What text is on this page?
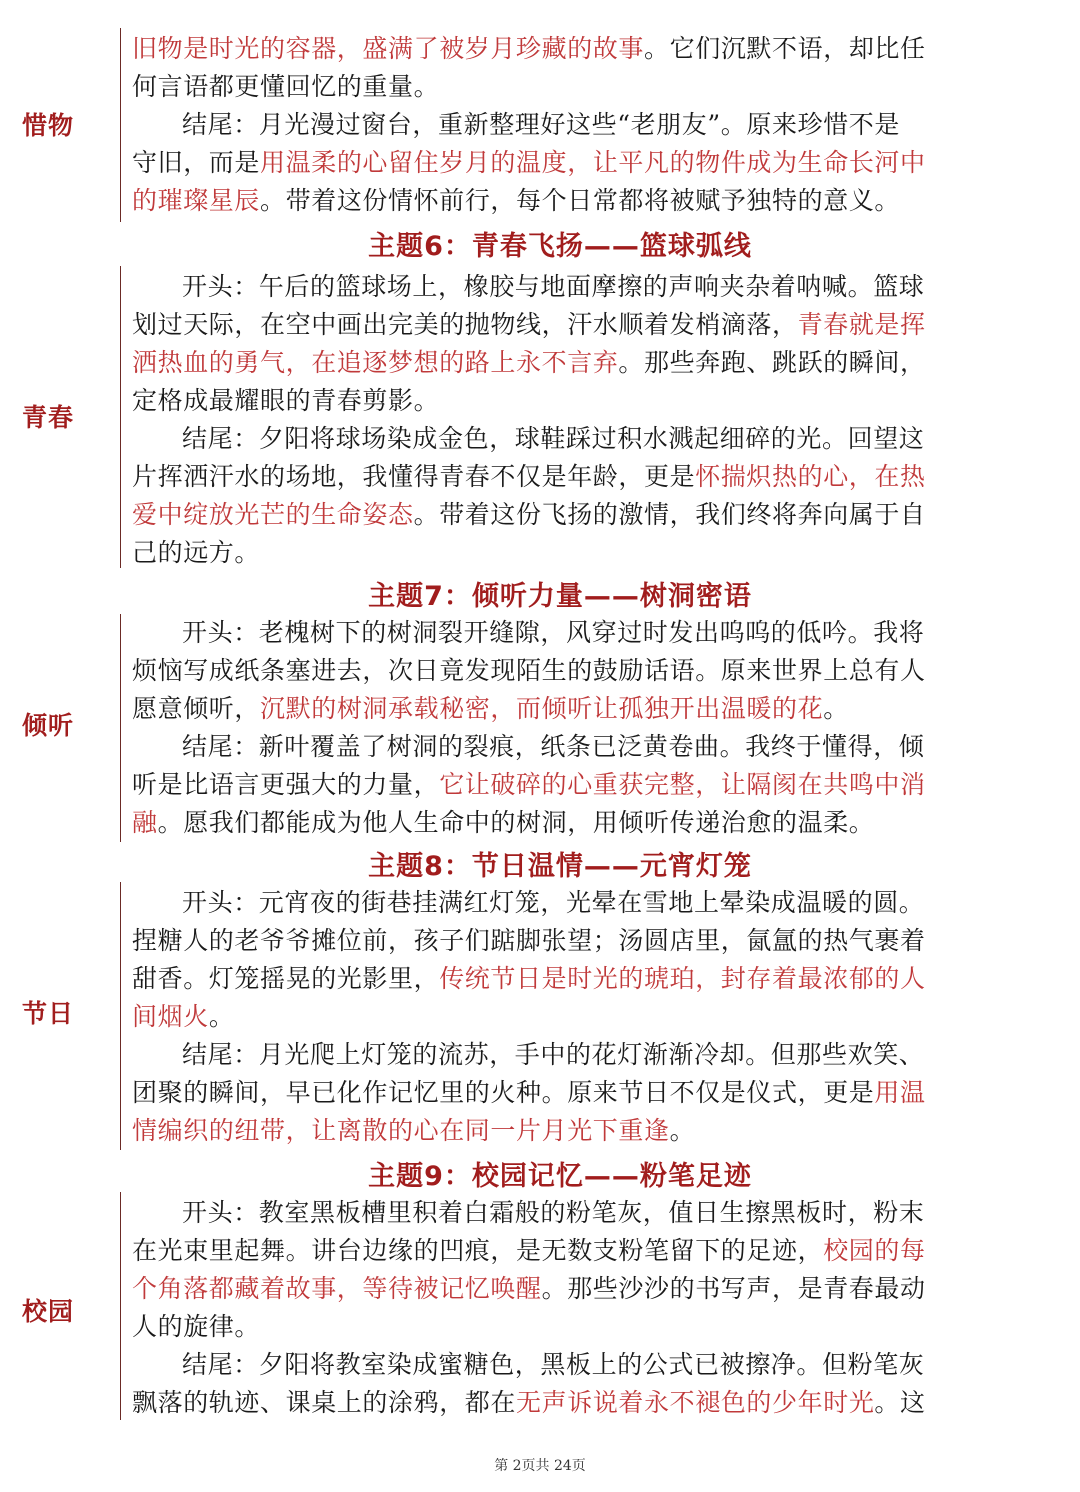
惜物
旧物是时光的容器，盛满了被岁月珍藏的故事。它们沉默不语，却比任
何言语都更懂回忆的重量。
结尾：月光漫过窗台，重新整理好这些“老朋友”。原来珍惜不是
守旧，而是用温柔的心留住岁月的温度，让平凡的物件成为生命长河中
的璀璨星辰。带着这份情怀前行，每个日常都将被赋予独特的意义。
主题6：青春飞扬——篮球弧线
青春
开头：午后的篮球场上，橡胶与地面摩擦的声响夹杂着呐喊。篮球
划过天际，在空中画出完美的抛物线，汗水顺着发梢滴落，青春就是挥
洒热血的勇气，在追逐梦想的路上永不言弃。那些奔跑、跳跃的瞬间，
定格成最耀眼的青春剪影。
结尾：夕阳将球场染成金色，球鞋踩过积水溅起细碎的光。回望这
片挥洒汗水的场地，我懂得青春不仅是年龄，更是怀揣炽热的心，在热
爱中绽放光芒的生命姿态。带着这份飞扬的激情，我们终将奔向属于自
己的远方。
主题7：倾听力量——树洞密语
倾听
开头：老槐树下的树洞裂开缝隙，风穿过时发出呜呜的低吟。我将
烦恼写成纸条塞进去，次日竟发现陌生的鼓励话语。原来世界上总有人
愿意倾听，沉默的树洞承载秘密，而倾听让孤独开出温暖的花。
结尾：新叶覆盖了树洞的裂痕，纸条已泛黄卷曲。我终于懂得，倾
听是比语言更强大的力量，它让破碎的心重获完整，让隔阂在共鸣中消
融。愿我们都能成为他人生命中的树洞，用倾听传递治愈的温柔。
主题8：节日温情——元宵灯笼
节日
开头：元宵夜的街巷挂满红灯笼，光晕在雪地上晕染成温暖的圆。
捏糖人的老爷爷摊位前，孩子们踮脚张望；汤圆店里，氤氲的热气裹着
甜香。灯笼摇晃的光影里，传统节日是时光的琥珀，封存着最浓郁的人
间烟火。
结尾：月光爬上灯笼的流苏，手中的花灯渐渐冷却。但那些欢笑、
团聚的瞬间，早已化作记忆里的火种。原来节日不仅是仪式，更是用温
情编织的纽带，让离散的心在同一片月光下重逢。
主题9：校园记忆——粉笔足迹
校园
开头：教室黑板槽里积着白霜般的粉笔灰，值日生擦黑板时，粉末
在光束里起舞。讲台边缘的凹痕，是无数支粉笔留下的足迹，校园的每
个角落都藏着故事，等待被记忆唤醒。那些沙沙的书写声，是青春最动
人的旋律。
结尾：夕阳将教室染成蜜糖色，黑板上的公式已被擦净。但粉笔灰
飘落的轨迹、课桌上的涂鸦，都在无声诉说着永不褪色的少年时光。这
第 2页共 24页
